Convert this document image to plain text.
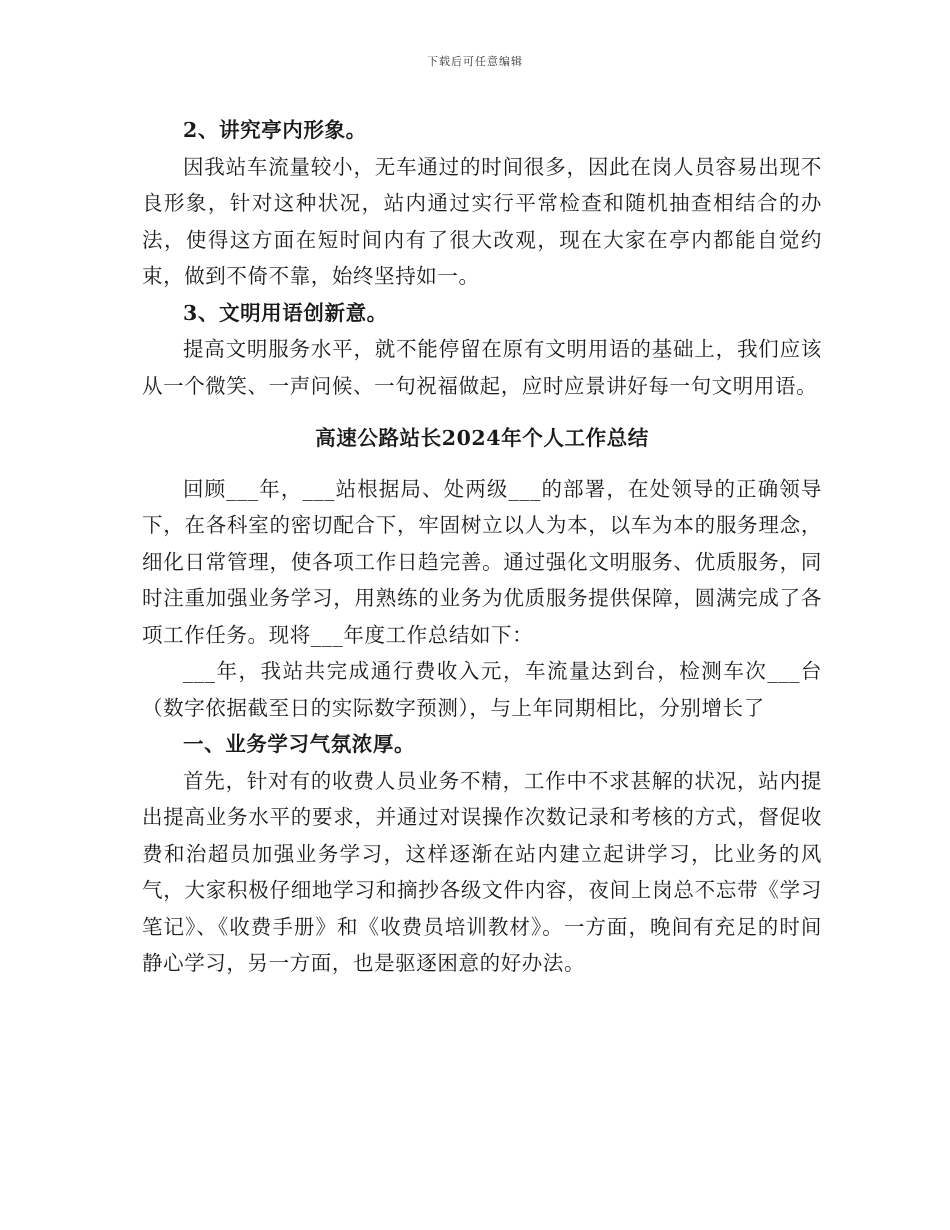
下载后可任意编辑

2、讲究亭内形象。

因我站车流量较小，无车通过的时间很多，因此在岗人员容易出现不良形象，针对这种状况，站内通过实行平常检查和随机抽查相结合的办法，使得这方面在短时间内有了很大改观，现在大家在亭内都能自觉约束，做到不倚不靠，始终坚持如一。

3、文明用语创新意。

提高文明服务水平，就不能停留在原有文明用语的基础上，我们应该从一个微笑、一声问候、一句祝福做起，应时应景讲好每一句文明用语。

高速公路站长2024年个人工作总结

回顾___年，___站根据局、处两级___的部署，在处领导的正确领导下，在各科室的密切配合下，牢固树立以人为本，以车为本的服务理念，细化日常管理，使各项工作日趋完善。通过强化文明服务、优质服务，同时注重加强业务学习，用熟练的业务为优质服务提供保障，圆满完成了各项工作任务。现将___年度工作总结如下：

___年，我站共完成通行费收入元，车流量达到台，检测车次___台（数字依据截至日的实际数字预测），与上年同期相比，分别增长了

一、业务学习气氛浓厚。

首先，针对有的收费人员业务不精，工作中不求甚解的状况，站内提出提高业务水平的要求，并通过对误操作次数记录和考核的方式，督促收费和治超员加强业务学习，这样逐渐在站内建立起讲学习，比业务的风气，大家积极仔细地学习和摘抄各级文件内容，夜间上岗总不忘带《学习笔记》、《收费手册》和《收费员培训教材》。一方面，晚间有充足的时间静心学习，另一方面，也是驱逐困意的好办法。
